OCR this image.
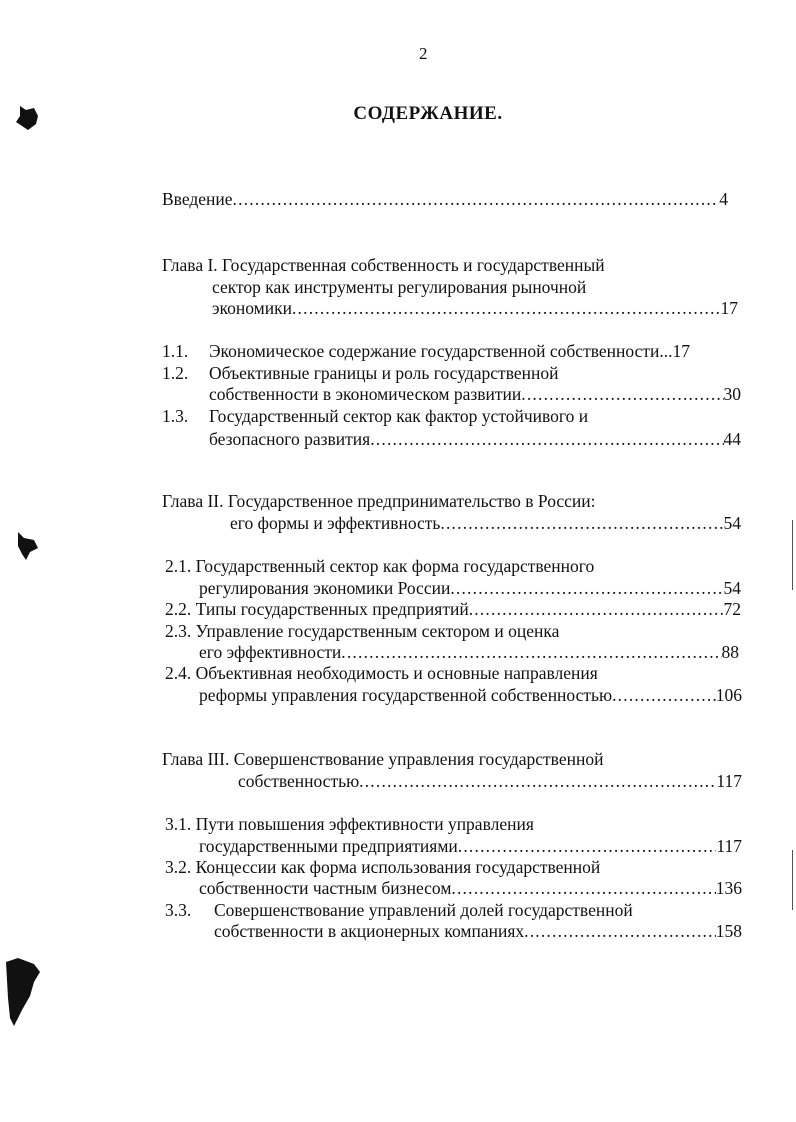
2
СОДЕРЖАНИЕ.
Введение .....	4
Глава I. Государственная собственность и государственный
сектор как инструменты регулирования рыночной
экономики .....	17
1.1. Экономическое содержание государственной собственности...17
1.2. Объективные границы и роль государственной
собственности в экономическом развитии .....	30
1.3. Государственный сектор как фактор устойчивого и
безопасного развития .....	44
Глава II. Государственное предпринимательство в России:
его формы и эффективность .....	54
2.1. Государственный сектор как форма государственного
регулирования экономики России .....	54
2.2. Типы государственных предприятий .....	72
2.3. Управление государственным сектором и оценка
его эффективности .....	88
2.4. Объективная необходимость и основные направления
реформы управления государственной собственностью .....	106
Глава III. Совершенствование управления государственной
собственностью .....	117
3.1. Пути повышения эффективности управления
государственными предприятиями .....	117
3.2. Концессии как форма использования государственной
собственности частным бизнесом .....	136
3.3. Совершенствование управлений долей государственной
собственности в акционерных компаниях .....	158
